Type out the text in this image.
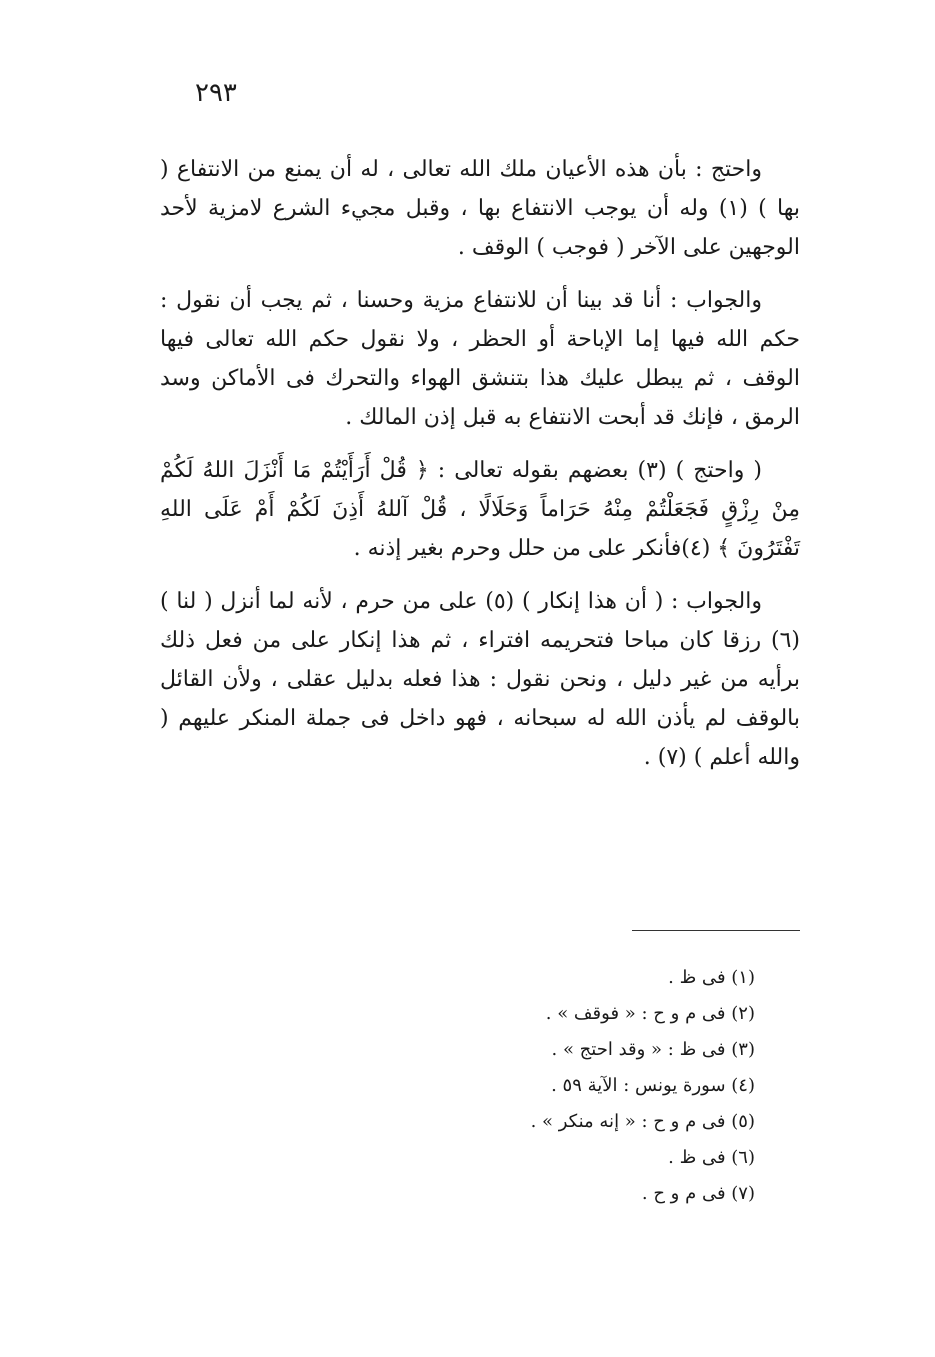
٢٩٣

واحتج : بأن هذه الأعيان ملك الله تعالى ، له أن يمنع من الانتفاع ( بها ) (١) وله أن يوجب الانتفاع بها ، وقبل مجيء الشرع لامزية لأحد الوجهين على الآخر ( فوجب ) الوقف .

والجواب : أنا قد بينا أن للانتفاع مزية وحسنا ، ثم يجب أن نقول : حكم الله فيها إما الإباحة أو الحظر ، ولا نقول حكم الله تعالى فيها الوقف ، ثم يبطل عليك هذا بتنشق الهواء والتحرك فى الأماكن وسد الرمق ، فإنك قد أبحت الانتفاع به قبل إذن المالك .

( واحتج ) (٣) بعضهم بقوله تعالى : ﴿ قُلْ أَرَأَيْتُمْ مَا أَنْزَلَ اللهُ لَكُمْ مِنْ رِزْقٍ فَجَعَلْتُمْ مِنْهُ حَرَاماً وَحَلَالًا ، قُلْ آللهُ أَذِنَ لَكُمْ أَمْ عَلَى اللهِ تَفْتَرُونَ ﴾ (٤)فأنكر على من حلل وحرم بغير إذنه .

والجواب : ( أن هذا إنكار ) (٥) على من حرم ، لأنه لما أنزل ( لنا ) (٦) رزقا كان مباحا فتحريمه افتراء ، ثم هذا إنكار على من فعل ذلك برأيه من غير دليل ، ونحن نقول : هذا فعله بدليل عقلى ، ولأن القائل بالوقف لم يأذن الله له سبحانه ، فهو داخل فى جملة المنكر عليهم ( والله أعلم ) (٧) .

(١) فى ظ .
(٢) فى م و ح : « فوقف » .
(٣) فى ظ : « وقد احتج » .
(٤) سورة يونس : الآية ٥٩ .
(٥) فى م و ح : « إنه منكر » .
(٦) فى ظ .
(٧) فى م و ح .
